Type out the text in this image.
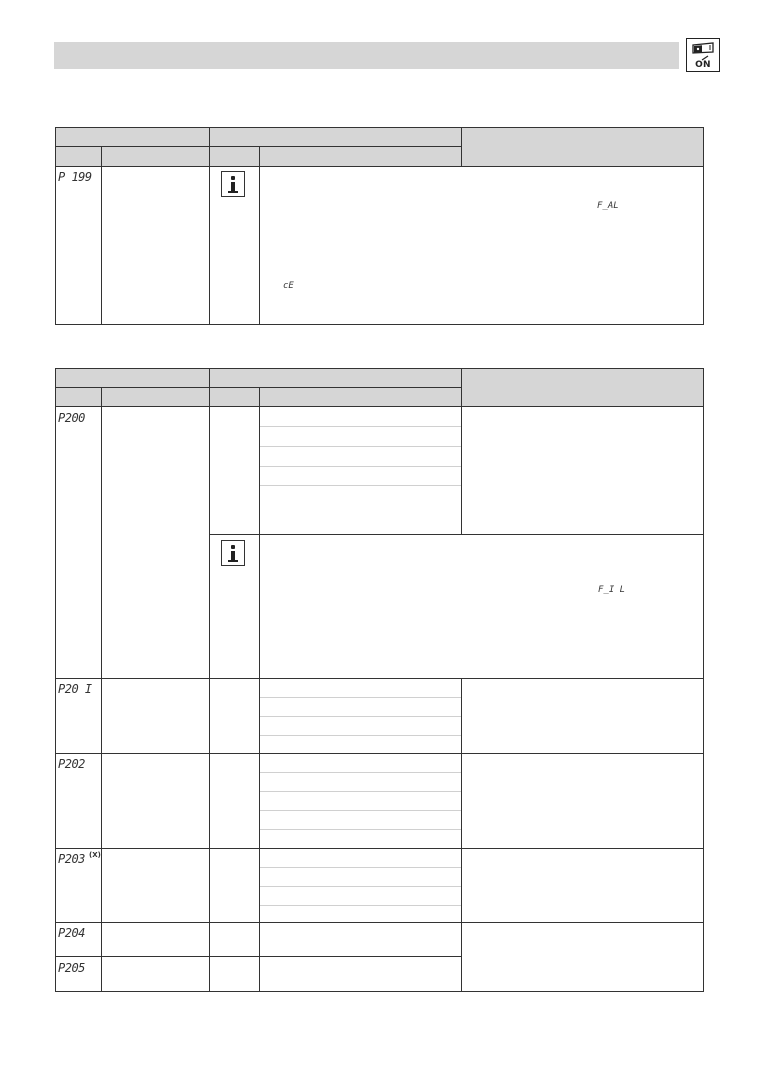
ON
P 199
F_AL
cE
P200
F_I L
P20 I
P202
P203 (X)
P204
P205
